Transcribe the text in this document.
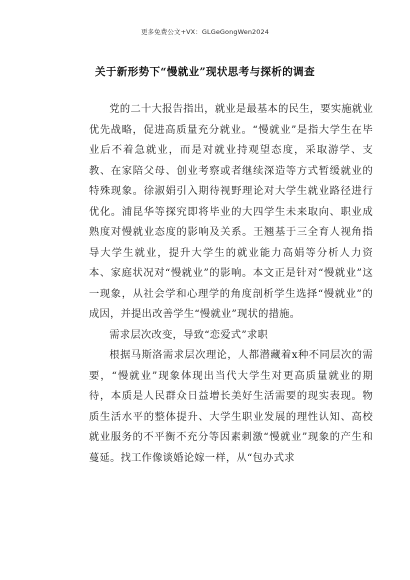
更多免费公文+VX：GLGeGongWen2024
关于新形势下“慢就业”现状思考与探析的调查

党的二十大报告指出，就业是最基本的民生，要实施就业优先战略，促进高质量充分就业。“慢就业”是指大学生在毕业后不着急就业，而是对就业持观望态度，采取游学、支教、在家陪父母、创业考察或者继续深造等方式暂缓就业的特殊现象。徐淑娟引入期待视野理论对大学生就业路径进行优化。浦昆华等探究即将毕业的大四学生未来取向、职业成熟度对慢就业态度的影响及关系。王翘基于三全育人视角指导大学生就业，提升大学生的就业能力高娟等分析人力资本、家庭状况对“慢就业”的影响。本文正是针对“慢就业”这一现象，从社会学和心理学的角度剖析学生选择“慢就业”的成因，并提出改善学生“慢就业”现状的措施。

需求层次改变，导致“恋爱式”求职

根据马斯洛需求层次理论，人都潜藏着x种不同层次的需要，“慢就业”现象体现出当代大学生对更高质量就业的期待，本质是人民群众日益增长美好生活需要的现实表现。物质生活水平的整体提升、大学生职业发展的理性认知、高校就业服务的不平衡不充分等因素刺激“慢就业”现象的产生和蔓延。找工作像谈婚论嫁一样，从“包办式求
